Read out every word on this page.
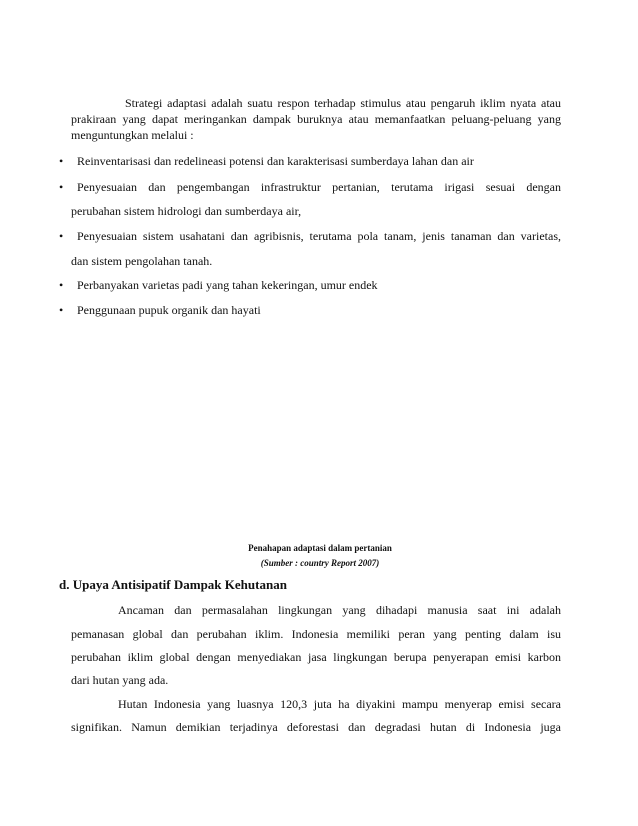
Strategi adaptasi adalah suatu respon terhadap stimulus atau pengaruh iklim nyata atau
prakiraan yang dapat meringankan dampak buruknya atau memanfaatkan peluang-peluang yang
menguntungkan melalui :
• Reinventarisasi dan redelineasi potensi dan karakterisasi sumberdaya lahan dan air
• Penyesuaian dan pengembangan infrastruktur pertanian, terutama irigasi sesuai dengan
perubahan sistem hidrologi dan sumberdaya air,
• Penyesuaian sistem usahatani dan agribisnis, terutama pola tanam, jenis tanaman dan varietas,
dan sistem pengolahan tanah.
• Perbanyakan varietas padi yang tahan kekeringan, umur endek
• Penggunaan pupuk organik dan hayati
Penahapan adaptasi dalam pertanian
(Sumber : country Report 2007)
d. Upaya Antisipatif Dampak Kehutanan
Ancaman dan permasalahan lingkungan yang dihadapi manusia saat ini adalah
pemanasan global dan perubahan iklim. Indonesia memiliki peran yang penting dalam isu
perubahan iklim global dengan menyediakan jasa lingkungan berupa penyerapan emisi karbon
dari hutan yang ada.
Hutan Indonesia yang luasnya 120,3 juta ha diyakini mampu menyerap emisi secara
signifikan. Namun demikian terjadinya deforestasi dan degradasi hutan di Indonesia juga
